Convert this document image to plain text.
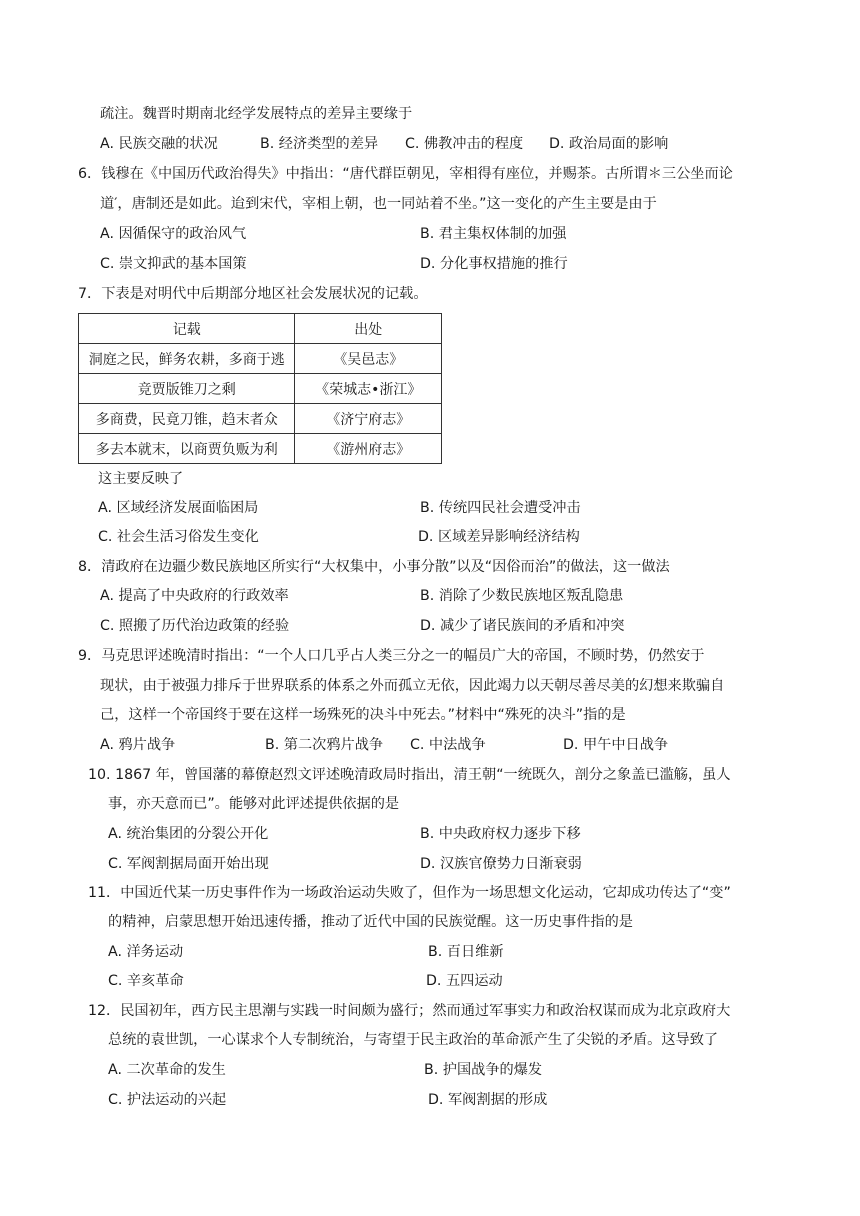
疏注。魏晋时期南北经学发展特点的差异主要缘于
A. 民族交融的状况	B. 经济类型的差异 C. 佛教冲击的程度 D. 政治局面的影响
6．钱穆在《中国历代政治得失》中指出：“唐代群臣朝见，宰相得有座位，并赐茶。古所谓＊三公坐而论
道′，唐制还是如此。迨到宋代，宰相上朝，也一同站着不坐。”这一变化的产生主要是由于
A. 因循保守的政治风气	B. 君主集权体制的加强
C. 崇文抑武的基本国策	D. 分化事权措施的推行
7．下表是对明代中后期部分地区社会发展状况的记载。
记载	出处
洞庭之民，鲜务农耕，多商于逃	《吴邑志》
竞贾版锥刀之剩	《荣城志•浙江》
多商费，民竟刀锥，趋末者众	《济宁府志》
多去本就末，以商贾负贩为利	《游州府志》
这主要反映了
A. 区域经济发展面临困局	B. 传统四民社会遭受冲击
C. 社会生活习俗发生变化	D. 区域差异影响经济结构
8．清政府在边疆少数民族地区所实行“大权集中，小事分散”以及“因俗而治”的做法，这一做法
A. 提高了中央政府的行政效率	B. 消除了少数民族地区叛乱隐患
C. 照搬了历代治边政策的经验	D. 减少了诸民族间的矛盾和冲突
9．马克思评述晚清时指出：“一个人口几乎占人类三分之一的幅员广大的帝国，不顾时势，仍然安于
现状，由于被强力排斥于世界联系的体系之外而孤立无依，因此竭力以天朝尽善尽美的幻想来欺骗自
己，这样一个帝国终于要在这样一场殊死的决斗中死去。”材料中“殊死的决斗”指的是
A. 鸦片战争	B. 第二次鸦片战争 C. 中法战争	D. 甲午中日战争
10. 1867 年，曾国藩的幕僚赵烈文评述晚清政局时指出，清王朝“一统既久，剖分之象盖已滥觞，虽人
事，亦天意而已”。能够对此评述提供依据的是
A. 统治集团的分裂公开化	B. 中央政府权力逐步下移
C. 军阀割据局面开始出现	D. 汉族官僚势力日渐衰弱
11．中国近代某一历史事件作为一场政治运动失败了，但作为一场思想文化运动，它却成功传达了“变”
的精神，启蒙思想开始迅速传播，推动了近代中国的民族觉醒。这一历史事件指的是
A. 洋务运动	B. 百日维新
C. 辛亥革命	D. 五四运动
12．民国初年，西方民主思潮与实践一时间颇为盛行；然而通过军事实力和政治权谋而成为北京政府大
总统的袁世凯，一心谋求个人专制统治，与寄望于民主政治的革命派产生了尖锐的矛盾。这导致了
A. 二次革命的发生	B. 护国战争的爆发
C. 护法运动的兴起	D. 军阀割据的形成
